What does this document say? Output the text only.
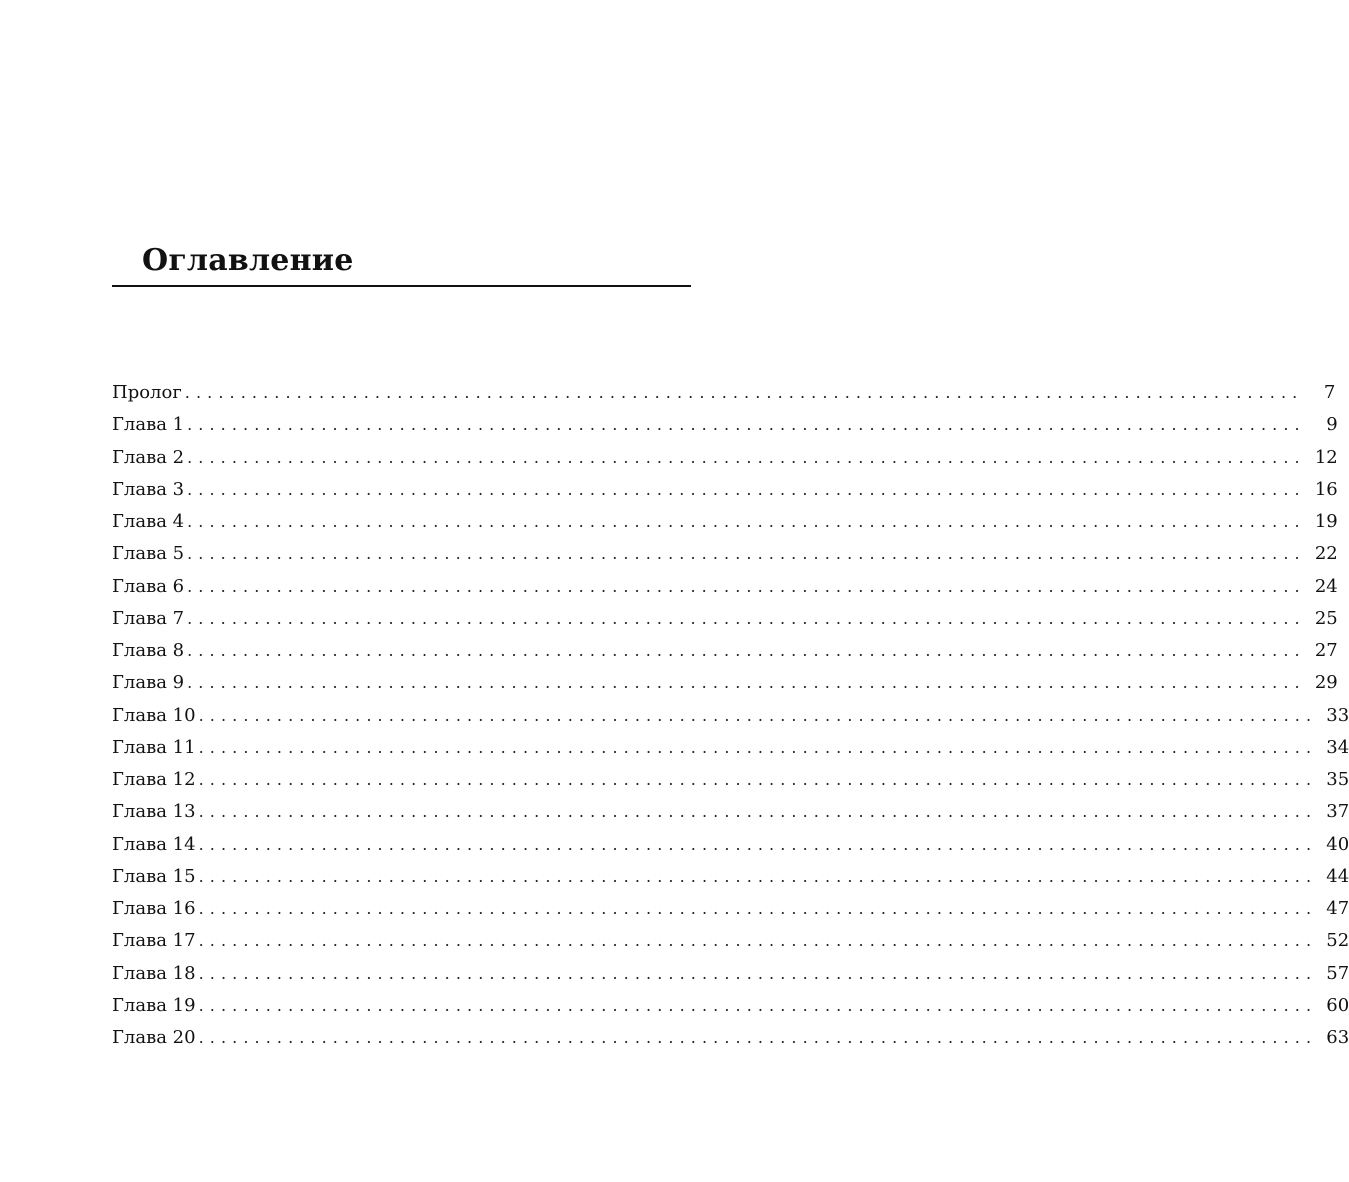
Оглавление
Пролог ....................................................................................................	7
Глава 1 ....................................................................................................	9
Глава 2 .................................................................................................... 12
Глава 3 .................................................................................................... 16
Глава 4 .................................................................................................... 19
Глава 5 .................................................................................................... 22
Глава 6 .................................................................................................... 24
Глава 7 .................................................................................................... 25
Глава 8 .................................................................................................... 27
Глава 9 .................................................................................................... 29
Глава 10 .................................................................................................... 33
Глава 11 .................................................................................................... 34
Глава 12 .................................................................................................... 35
Глава 13 .................................................................................................... 37
Глава 14 .................................................................................................... 40
Глава 15 .................................................................................................... 44
Глава 16 .................................................................................................... 47
Глава 17 .................................................................................................... 52
Глава 18 .................................................................................................... 57
Глава 19 .................................................................................................... 60
Глава 20 .................................................................................................... 63
